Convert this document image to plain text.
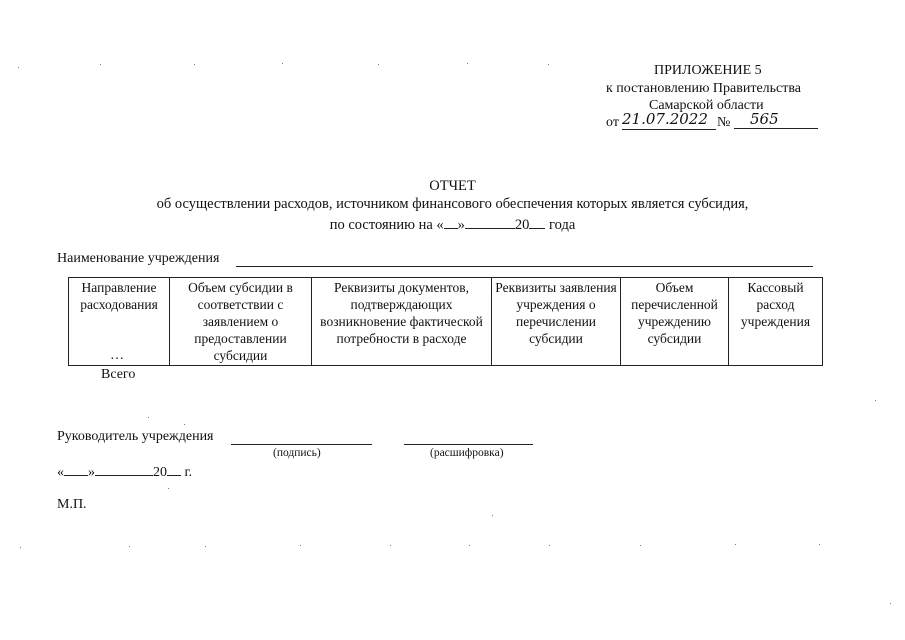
ПРИЛОЖЕНИЕ 5
к постановлению Правительства
Самарской области
от 21.07.2022 №	565
ОТЧЕТ
об осуществлении расходов, источником финансового обеспечения которых является субсидия,
по состоянию на « »	20 года
Наименование учреждения
Направление расходования	Объем субсидии в соответствии с заявлением о предоставлении субсидии	Реквизиты документов, подтверждающих возникновение фактической потребности в расходе	Реквизиты заявления учреждения о перечислении субсидии	Объем перечисленной учреждению субсидии	Кассовый расход учреждения
…
Всего
Руководитель учреждения
(подпись)	(расшифровка)
« »	20 г.
М.П.
